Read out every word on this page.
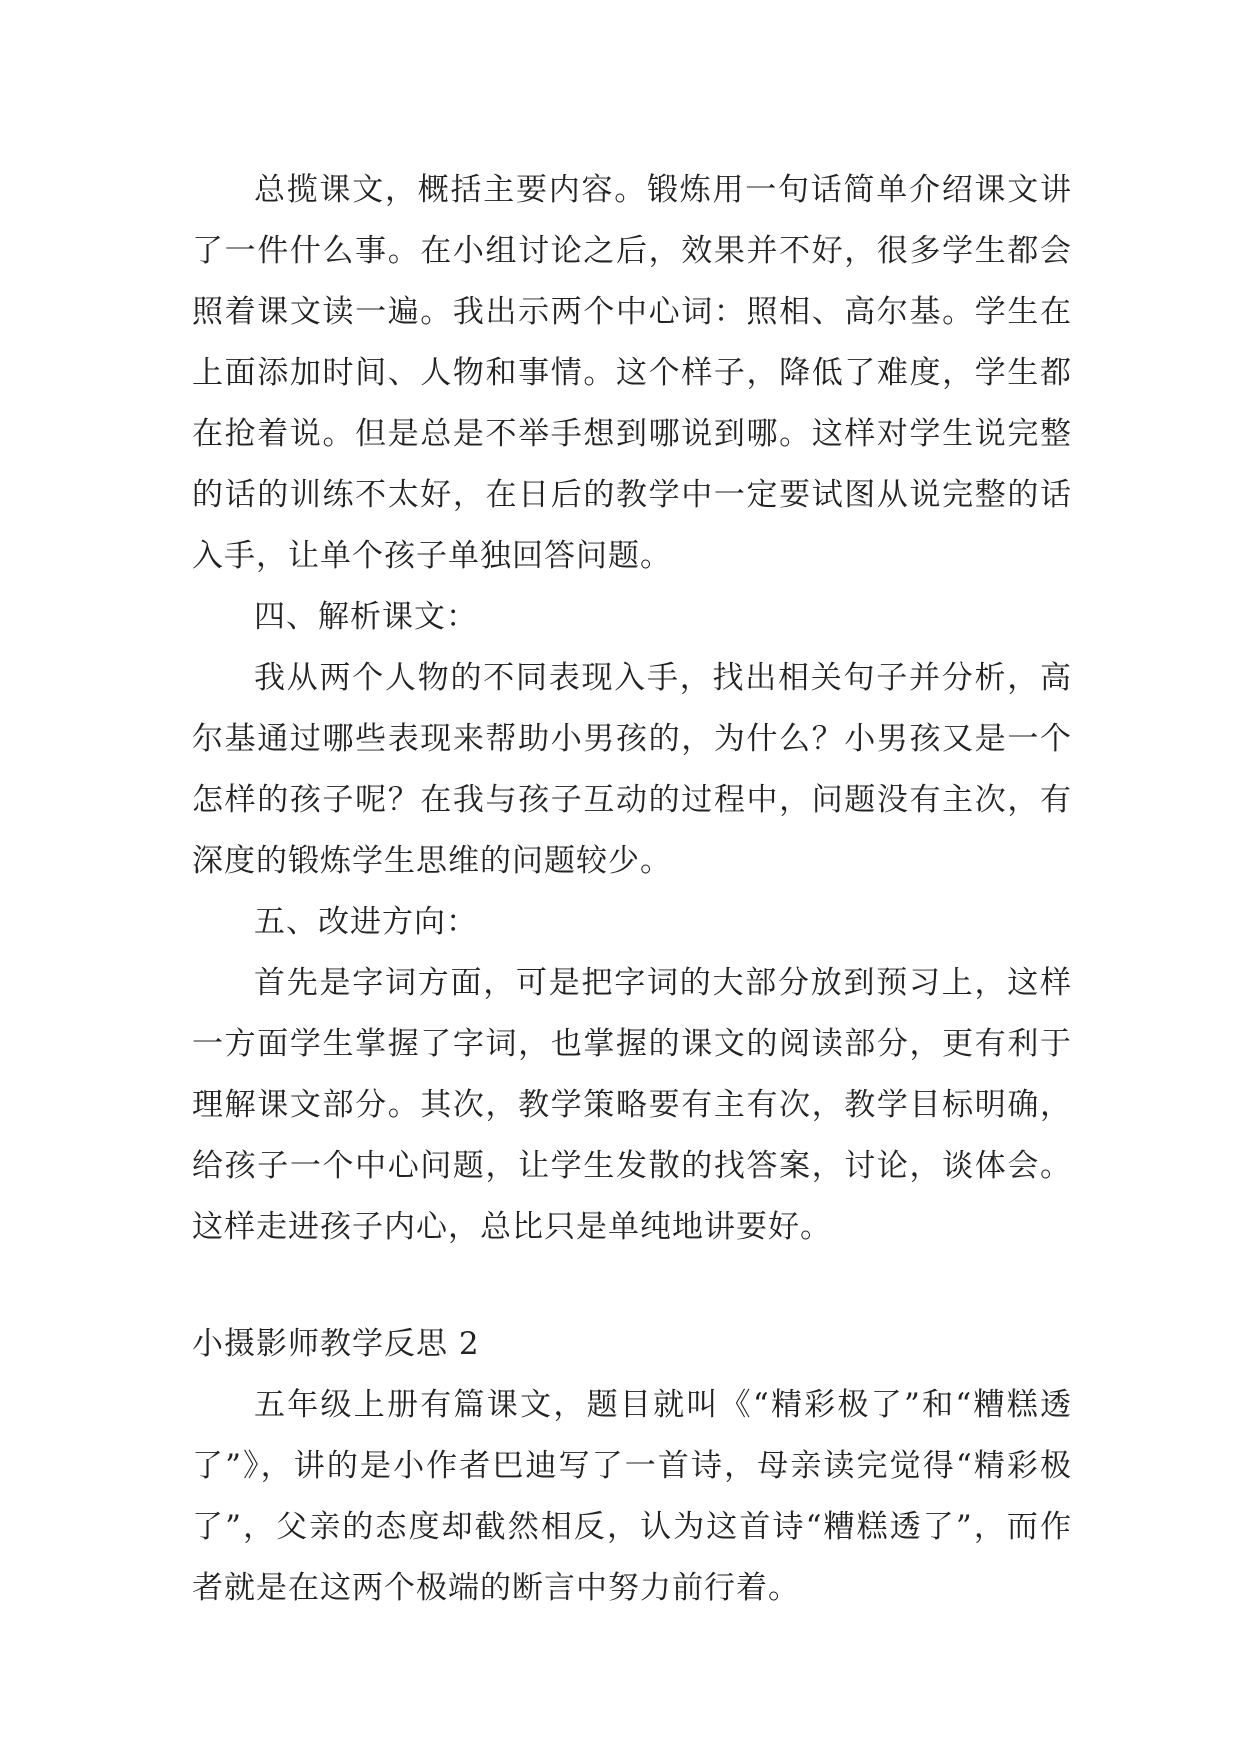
总揽课文，概括主要内容。锻炼用一句话简单介绍课文讲了一件什么事。在小组讨论之后，效果并不好，很多学生都会照着课文读一遍。我出示两个中心词：照相、高尔基。学生在上面添加时间、人物和事情。这个样子，降低了难度，学生都在抢着说。但是总是不举手想到哪说到哪。这样对学生说完整的话的训练不太好，在日后的教学中一定要试图从说完整的话入手，让单个孩子单独回答问题。

四、解析课文：

我从两个人物的不同表现入手，找出相关句子并分析，高尔基通过哪些表现来帮助小男孩的，为什么？小男孩又是一个怎样的孩子呢？在我与孩子互动的过程中，问题没有主次，有深度的锻炼学生思维的问题较少。

五、改进方向：

首先是字词方面，可是把字词的大部分放到预习上，这样一方面学生掌握了字词，也掌握的课文的阅读部分，更有利于理解课文部分。其次，教学策略要有主有次，教学目标明确，给孩子一个中心问题，让学生发散的找答案，讨论，谈体会。这样走进孩子内心，总比只是单纯地讲要好。

小摄影师教学反思 2

五年级上册有篇课文，题目就叫《“精彩极了”和“糟糕透了”》，讲的是小作者巴迪写了一首诗，母亲读完觉得“精彩极了”，父亲的态度却截然相反，认为这首诗“糟糕透了”，而作者就是在这两个极端的断言中努力前行着。
